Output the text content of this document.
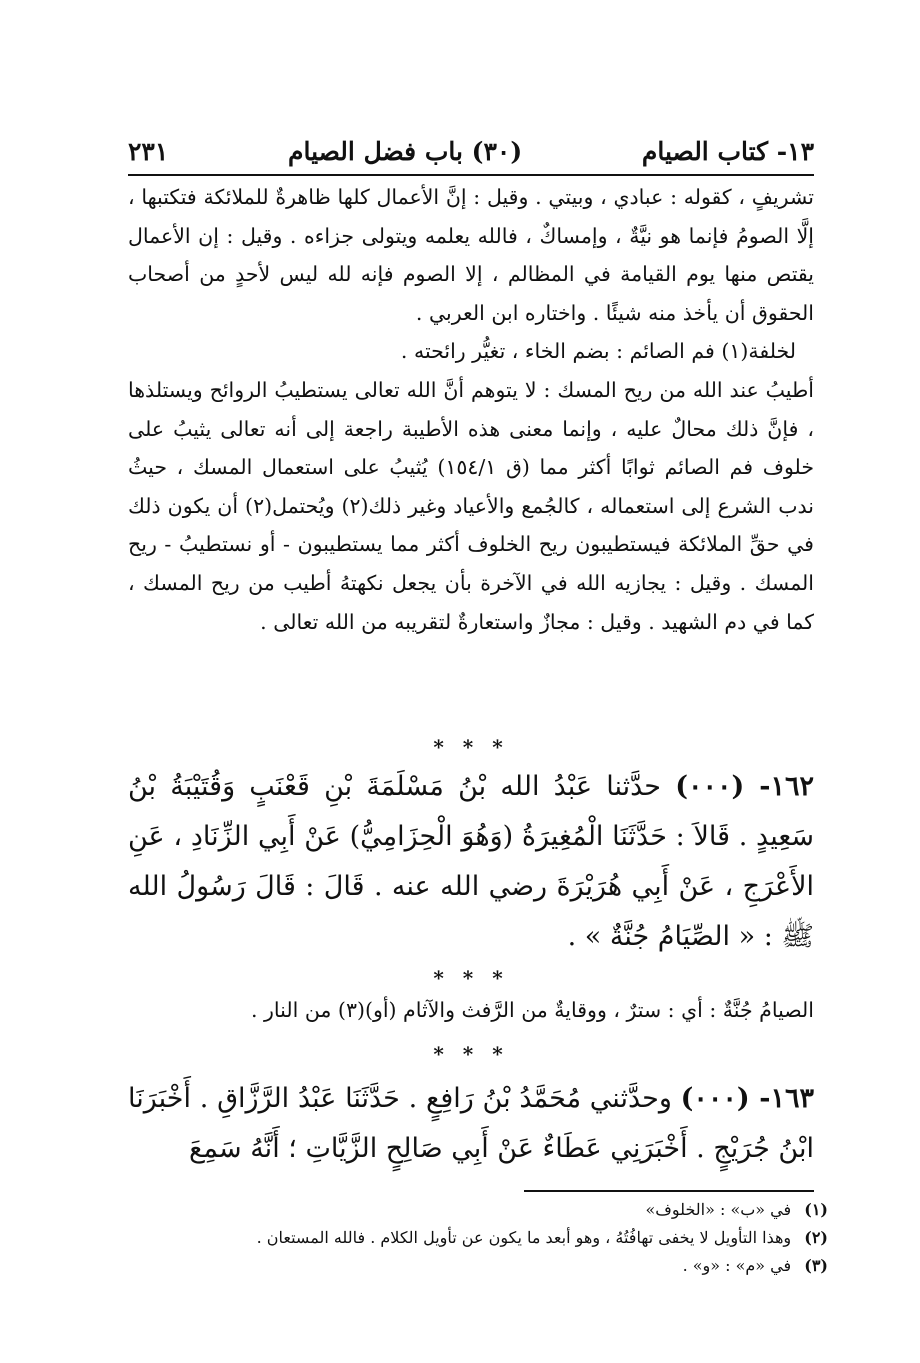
١٣- كتاب الصيام
(٣٠) باب فضل الصيام
٢٣١

تشريفٍ ، كقوله : عبادي ، وبيتي . وقيل : إنَّ الأعمال كلها ظاهرةٌ للملائكة فتكتبها ، إلَّا الصومُ فإنما هو نيَّةٌ ، وإمساكٌ ، فالله يعلمه ويتولى جزاءه . وقيل : إن الأعمال يقتص منها يوم القيامة في المظالم ، إلا الصوم فإنه لله ليس لأحدٍ من أصحاب الحقوق أن يأخذ منه شيئًا . واختاره ابن العربي .

لخلفة(١) فم الصائم : بضم الخاء ، تغيُّر رائحته .

أطيبُ عند الله من ريح المسك : لا يتوهم أنَّ الله تعالى يستطيبُ الروائح ويستلذها ، فإنَّ ذلك محالٌ عليه ، وإنما معنى هذه الأطيبة راجعة إلى أنه تعالى يثيبُ على خلوف فم الصائم ثوابًا أكثر مما (ق ١٥٤/١) يُثيبُ على استعمال المسك ، حيثُ ندب الشرع إلى استعماله ، كالجُمع والأعياد وغير ذلك(٢) ويُحتمل(٢) أن يكون ذلك في حقِّ الملائكة فيستطيبون ريح الخلوف أكثر مما يستطيبون - أو نستطيبُ - ريح المسك . وقيل : يجازيه الله في الآخرة بأن يجعل نكهتهُ أطيب من ريح المسك ، كما في دم الشهيد . وقيل : مجازٌ واستعارةٌ لتقريبه من الله تعالى .

* * *

١٦٢- (٠٠٠) حدَّثنا عَبْدُ الله بْنُ مَسْلَمَةَ بْنِ قَعْنَبٍ وَقُتَيْبَةُ بْنُ سَعِيدٍ . قَالاَ : حَدَّثَنَا الْمُغِيرَةُ (وَهُوَ الْحِزَامِيُّ) عَنْ أَبِي الزِّنَادِ ، عَنِ الأَعْرَجِ ، عَنْ أَبِي هُرَيْرَةَ رضي الله عنه . قَالَ : قَالَ رَسُولُ الله ﷺ : « الصِّيَامُ جُنَّةٌ » .

* * *

الصيامُ جُنَّةٌ : أي : سترٌ ، ووقايةٌ من الرَّفث والآثام (أو)(٣) من النار .

* * *

١٦٣- (٠٠٠) وحدَّثني مُحَمَّدُ بْنُ رَافِعٍ . حَدَّثَنَا عَبْدُ الرَّزَّاقِ . أَخْبَرَنَا ابْنُ جُرَيْجٍ . أَخْبَرَنِي عَطَاءٌ عَنْ أَبِي صَالِحٍ الزَّيَّاتِ ؛ أَنَّهُ سَمِعَ

(١) في «ب» : «الخلوف»

(٢) وهذا التأويل لا يخفى تهافُتُهُ ، وهو أبعد ما يكون عن تأويل الكلام . فالله المستعان .

(٣) في «م» : «و» .
